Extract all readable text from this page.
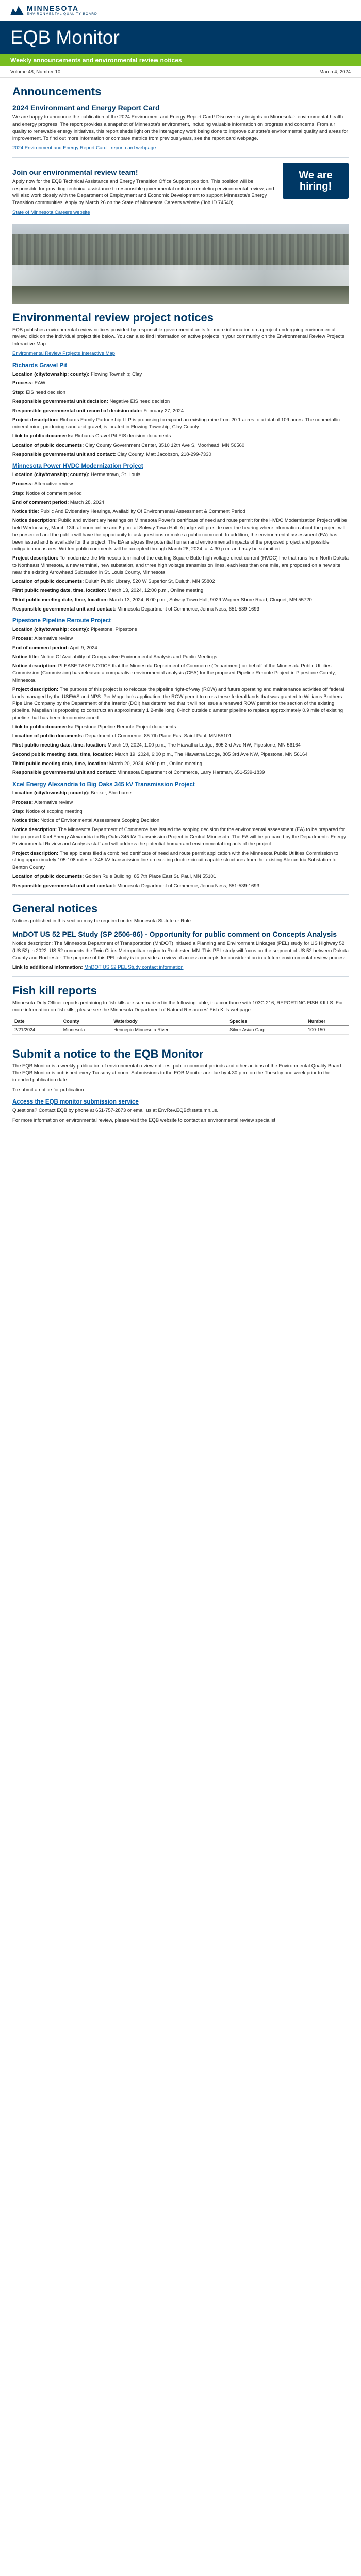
MINNESOTA
ENVIRONMENTAL QUALITY BOARD
EQB Monitor
Weekly announcements and environmental review notices
Volume 48, Number 10	March 4, 2024
Announcements
2024 Environment and Energy Report Card

We are happy to announce the publication of the 2024 Environment and Energy Report Card! Discover key insights on Minnesota's environmental health and energy progress. The report provides a snapshot of Minnesota's environment, including valuable information on progress and concerns. From air quality to renewable energy initiatives, this report sheds light on the interagency work being done to improve our state's environmental quality and areas for improvement. To find out more information or compare metrics from previous years, see the report card webpage.

2024 Environment and Energy Report Card · report card webpage

Join our environmental review team!

Apply now for the EQB Technical Assistance and Energy Transition Office Support position. This position will be responsible for providing technical assistance to responsible governmental units in completing environmental review, and will also work closely with the Department of Employment and Economic Development to support Minnesota's Energy Transition communities. Apply by March 26 on the State of Minnesota Careers website (Job ID 74540).

State of Minnesota Careers website

We are hiring!
Environmental review project notices

EQB publishes environmental review notices provided by responsible governmental units for more information on a project undergoing environmental review, click on the individual project title below. You can also find information on active projects in your community on the Environmental Review Projects Interactive Map.

Environmental Review Projects Interactive Map

Richards Gravel Pit

Location (city/township; county): Flowing Township; Clay

Process: EAW

Step: EIS need decision

Responsible governmental unit decision: Negative EIS need decision

Responsible governmental unit record of decision date: February 27, 2024

Project description: Richards Family Partnership LLP is proposing to expand an existing mine from 20.1 acres to a total of 109 acres. The nonmetallic mineral mine, producing sand and gravel, is located in Flowing Township, Clay County.

Link to public documents: Richards Gravel Pit EIS decision documents

Location of public documents: Clay County Government Center, 3510 12th Ave S, Moorhead, MN 56560

Responsible governmental unit and contact: Clay County, Matt Jacobson, 218-299-7330

Minnesota Power HVDC Modernization Project

Location (city/township; county): Hermantown, St. Louis

Process: Alternative review

Step: Notice of comment period

End of comment period: March 28, 2024

Notice title: Public And Evidentiary Hearings, Availability Of Environmental Assessment & Comment Period

Notice description: Public and evidentiary hearings on Minnesota Power's certificate of need and route permit for the HVDC Modernization Project will be held Wednesday, March 13th at noon online and 6 p.m. at Solway Town Hall. A judge will preside over the hearing where information about the project will be presented and the public will have the opportunity to ask questions or make a public comment. In addition, the environmental assessment (EA) has been issued and is available for the project. The EA analyzes the potential human and environmental impacts of the proposed project and possible mitigation measures. Written public comments will be accepted through March 28, 2024, at 4:30 p.m. and may be submitted.

Project description: To modernize the Minnesota terminal of the existing Square Butte high voltage direct current (HVDC) line that runs from North Dakota to Northeast Minnesota, a new terminal, new substation, and three high voltage transmission lines, each less than one mile, are proposed on a new site near the existing Arrowhead Substation in St. Louis County, Minnesota.

Location of public documents: Duluth Public Library, 520 W Superior St, Duluth, MN 55802

First public meeting date, time, location: March 13, 2024, 12:00 p.m., Online meeting

Third public meeting date, time, location: March 13, 2024, 6:00 p.m., Solway Town Hall, 9029 Wagner Shore Road, Cloquet, MN 55720

Responsible governmental unit and contact: Minnesota Department of Commerce, Jenna Ness, 651-539-1693

Pipestone Pipeline Reroute Project

Location (city/township; county): Pipestone, Pipestone

Process: Alternative review

End of comment period: April 9, 2024

Notice title: Notice Of Availability of Comparative Environmental Analysis and Public Meetings

Notice description: PLEASE TAKE NOTICE that the Minnesota Department of Commerce (Department) on behalf of the Minnesota Public Utilities Commission (Commission) has released a comparative environmental analysis (CEA) for the proposed Pipeline Reroute Project in Pipestone County, Minnesota.

Project description: The purpose of this project is to relocate the pipeline right-of-way (ROW) and future operating and maintenance activities off federal lands managed by the USFWS and NPS. Per Magellan's application, the ROW permit to cross these federal lands that was granted to Williams Brothers Pipe Line Company by the Department of the Interior (DOI) has determined that it will not issue a renewed ROW permit for the section of the existing pipeline. Magellan is proposing to construct an approximately 1.2-mile long, 8-inch outside diameter pipeline to replace approximately 0.9 mile of existing pipeline that has been decommissioned.

Link to public documents: Pipestone Pipeline Reroute Project documents

Location of public documents: Department of Commerce, 85 7th Place East Saint Paul, MN 55101

First public meeting date, time, location: March 19, 2024, 1:00 p.m., The Hiawatha Lodge, 805 3rd Ave NW, Pipestone, MN 56164

Second public meeting date, time, location: March 19, 2024, 6:00 p.m., The Hiawatha Lodge, 805 3rd Ave NW, Pipestone, MN 56164

Third public meeting date, time, location: March 20, 2024, 6:00 p.m., Online meeting

Responsible governmental unit and contact: Minnesota Department of Commerce, Larry Hartman, 651-539-1839

Xcel Energy Alexandria to Big Oaks 345 kV Transmission Project

Location (city/township; county): Becker, Sherburne

Process: Alternative review

Step: Notice of scoping meeting

Notice title: Notice of Environmental Assessment Scoping Decision

Notice description: The Minnesota Department of Commerce has issued the scoping decision for the environmental assessment (EA) to be prepared for the proposed Xcel Energy Alexandria to Big Oaks 345 kV Transmission Project in Central Minnesota. The EA will be prepared by the Department's Energy Environmental Review and Analysis staff and will address the potential human and environmental impacts of the project.

Project description: The applicants filed a combined certificate of need and route permit application with the Minnesota Public Utilities Commission to string approximately 105-108 miles of 345 kV transmission line on existing double-circuit capable structures from the existing Alexandria Substation to Benton County.

Location of public documents: Golden Rule Building, 85 7th Place East St. Paul, MN 55101

Responsible governmental unit and contact: Minnesota Department of Commerce, Jenna Ness, 651-539-1693

General notices

Notices published in this section may be required under Minnesota Statute or Rule.

MnDOT US 52 PEL Study (SP 2506-86) - Opportunity for public comment on Concepts Analysis

Notice description: The Minnesota Department of Transportation (MnDOT) initiated a Planning and Environment Linkages (PEL) study for US Highway 52 (US 52) in 2022. US 52 connects the Twin Cities Metropolitan region to Rochester, MN. This PEL study will focus on the segment of US 52 between Dakota County and Rochester. The purpose of this PEL study is to provide a review of access concepts for consideration in a future environmental review process.

Link to additional information: MnDOT US 52 PEL Study contact information

Fish kill reports

Minnesota Duty Officer reports pertaining to fish kills are summarized in the following table, in accordance with 103G.216, REPORTING FISH KILLS. For more information on fish kills, please see the Minnesota Department of Natural Resources' Fish Kills webpage.

Date	County	Waterbody	Species	Number
2/21/2024	Minnesota	Hennepin Minnesota River	Silver Asian Carp	100-150
Submit a notice to the EQB Monitor

The EQB Monitor is a weekly publication of environmental review notices, public comment periods and other actions of the Environmental Quality Board. The EQB Monitor is published every Tuesday at noon. Submissions to the EQB Monitor are due by 4:30 p.m. on the Tuesday one week prior to the intended publication date.

To submit a notice for publication:

Access the EQB monitor submission service

Questions? Contact EQB by phone at 651-757-2873 or email us at EnvRev.EQB@state.mn.us.

For more information on environmental review, please visit the EQB website to contact an environmental review specialist.
